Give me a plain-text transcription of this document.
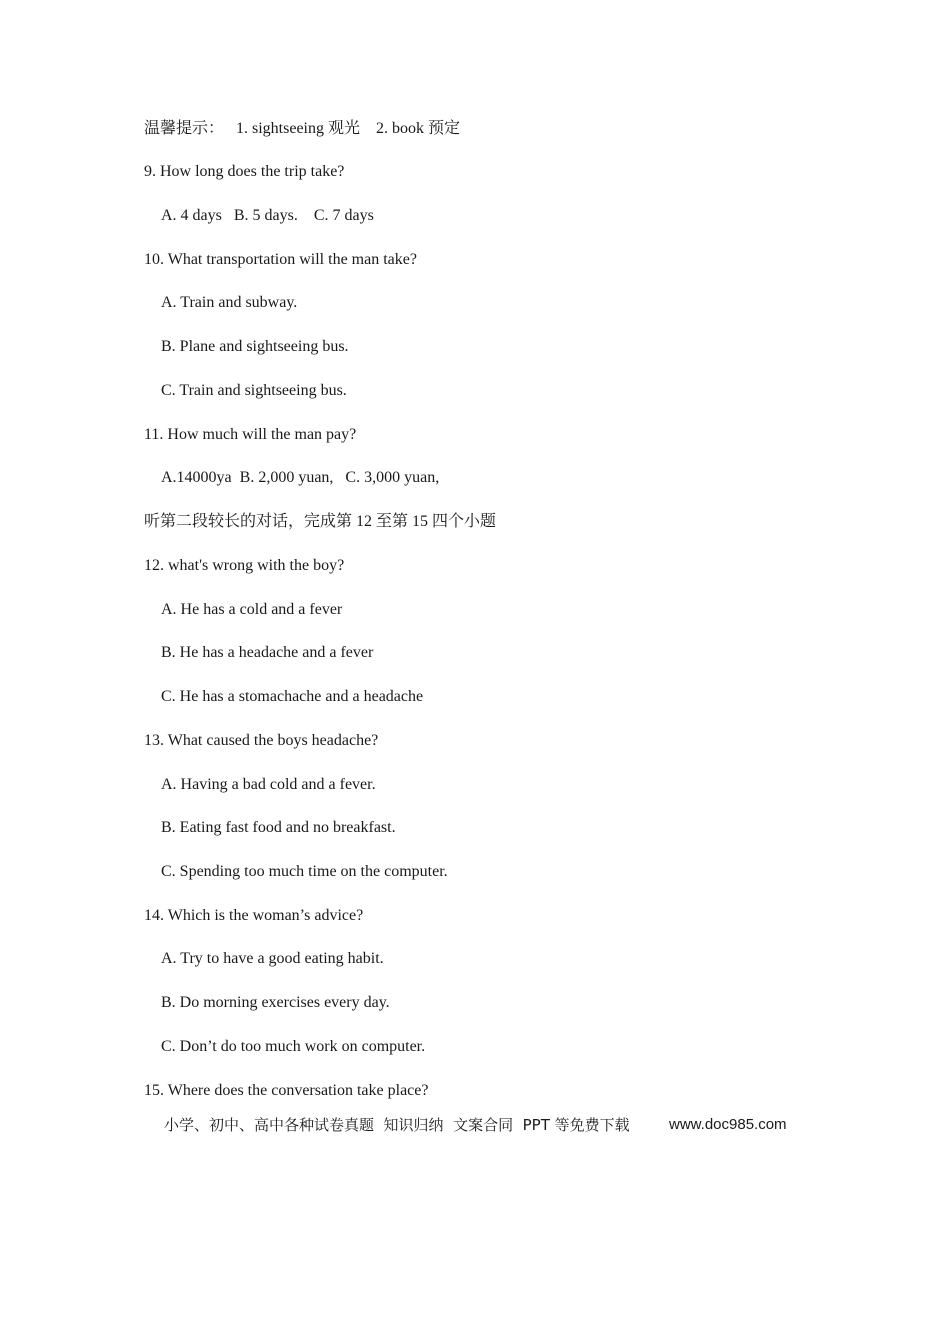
温馨提示：   1. sightseeing 观光    2. book 预定
9. How long does the trip take?
A. 4 days   B. 5 days.    C. 7 days
10. What transportation will the man take?
A. Train and subway.
B. Plane and sightseeing bus.
C. Train and sightseeing bus.
11. How much will the man pay?
A.14000ya  B. 2,000 yuan,   C. 3,000 yuan,
听第二段较长的对话，完成第 12 至第 15 四个小题
12. what's wrong with the boy?
A. He has a cold and a fever
B. He has a headache and a fever
C. He has a stomachache and a headache
13. What caused the boys headache?
A. Having a bad cold and a fever.
B. Eating fast food and no breakfast.
C. Spending too much time on the computer.
14. Which is the woman’s advice?
A. Try to have a good eating habit.
B. Do morning exercises every day.
C. Don’t do too much work on computer.
15. Where does the conversation take place?
小学、初中、高中各种试卷真题  知识归纳  文案合同  PPT 等免费下载	www.doc985.com
